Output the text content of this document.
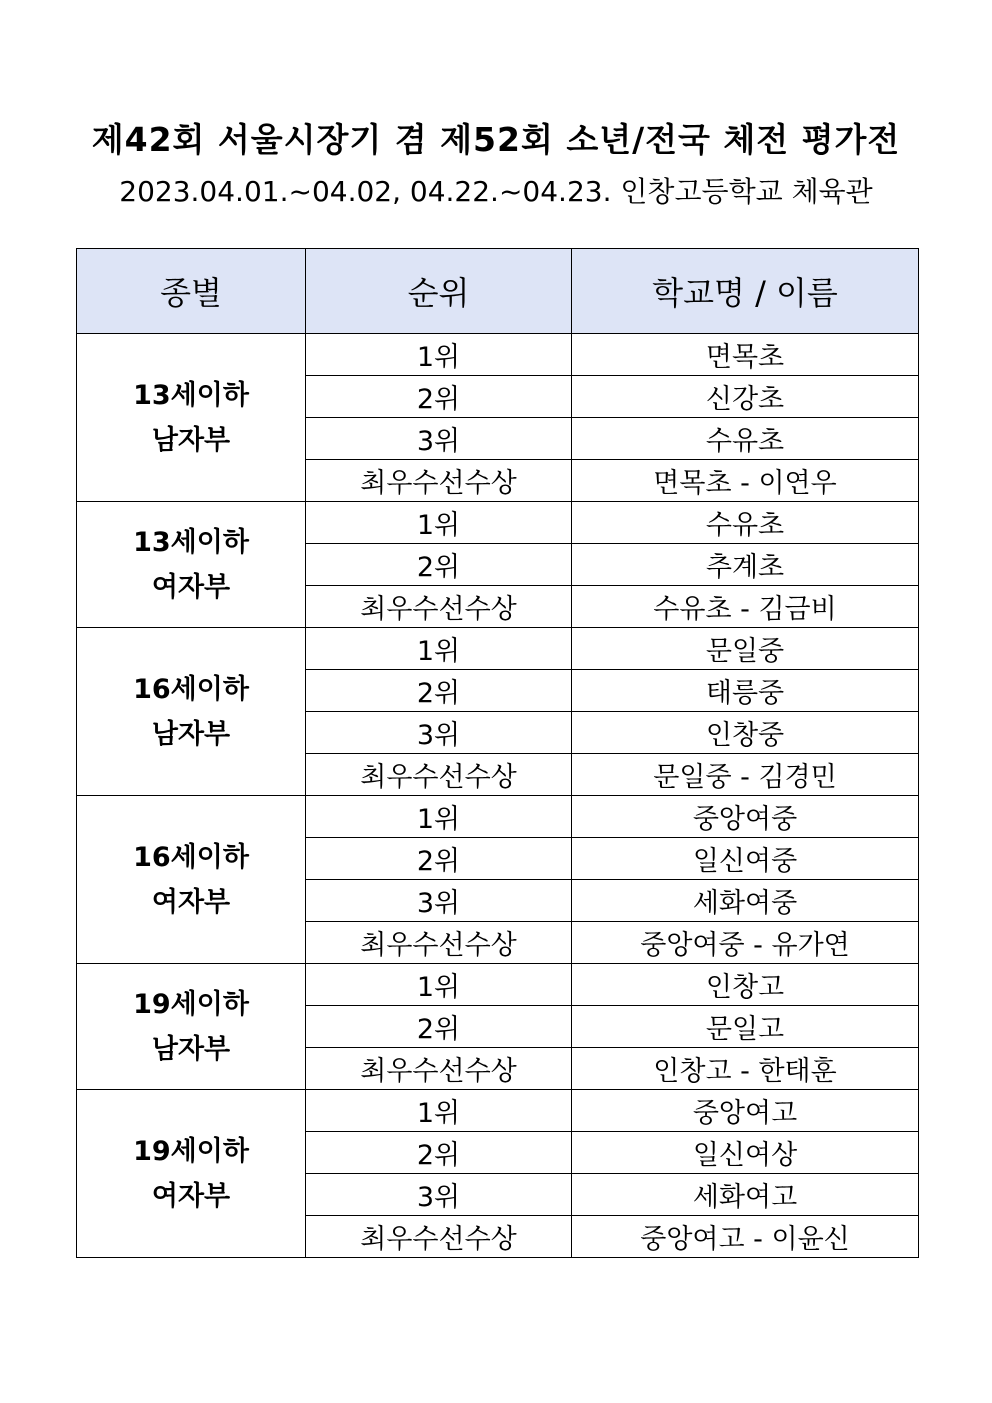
제42회 서울시장기 겸 제52회 소년/전국 체전 평가전
2023.04.01.~04.02, 04.22.~04.23. 인창고등학교 체육관
종별	순위	학교명 / 이름

13세이하
남자부	1위	면목초
	2위	신강초
	3위	수유초
	최우수선수상	면목초 - 이연우

13세이하
여자부	1위	수유초
	2위	추계초
	최우수선수상	수유초 - 김금비

16세이하
남자부	1위	문일중
	2위	태릉중
	3위	인창중
	최우수선수상	문일중 - 김경민

16세이하
여자부	1위	중앙여중
	2위	일신여중
	3위	세화여중
	최우수선수상	중앙여중 - 유가연

19세이하
남자부	1위	인창고
	2위	문일고
	최우수선수상	인창고 - 한태훈

19세이하
여자부	1위	중앙여고
	2위	일신여상
	3위	세화여고
	최우수선수상	중앙여고 - 이윤신
